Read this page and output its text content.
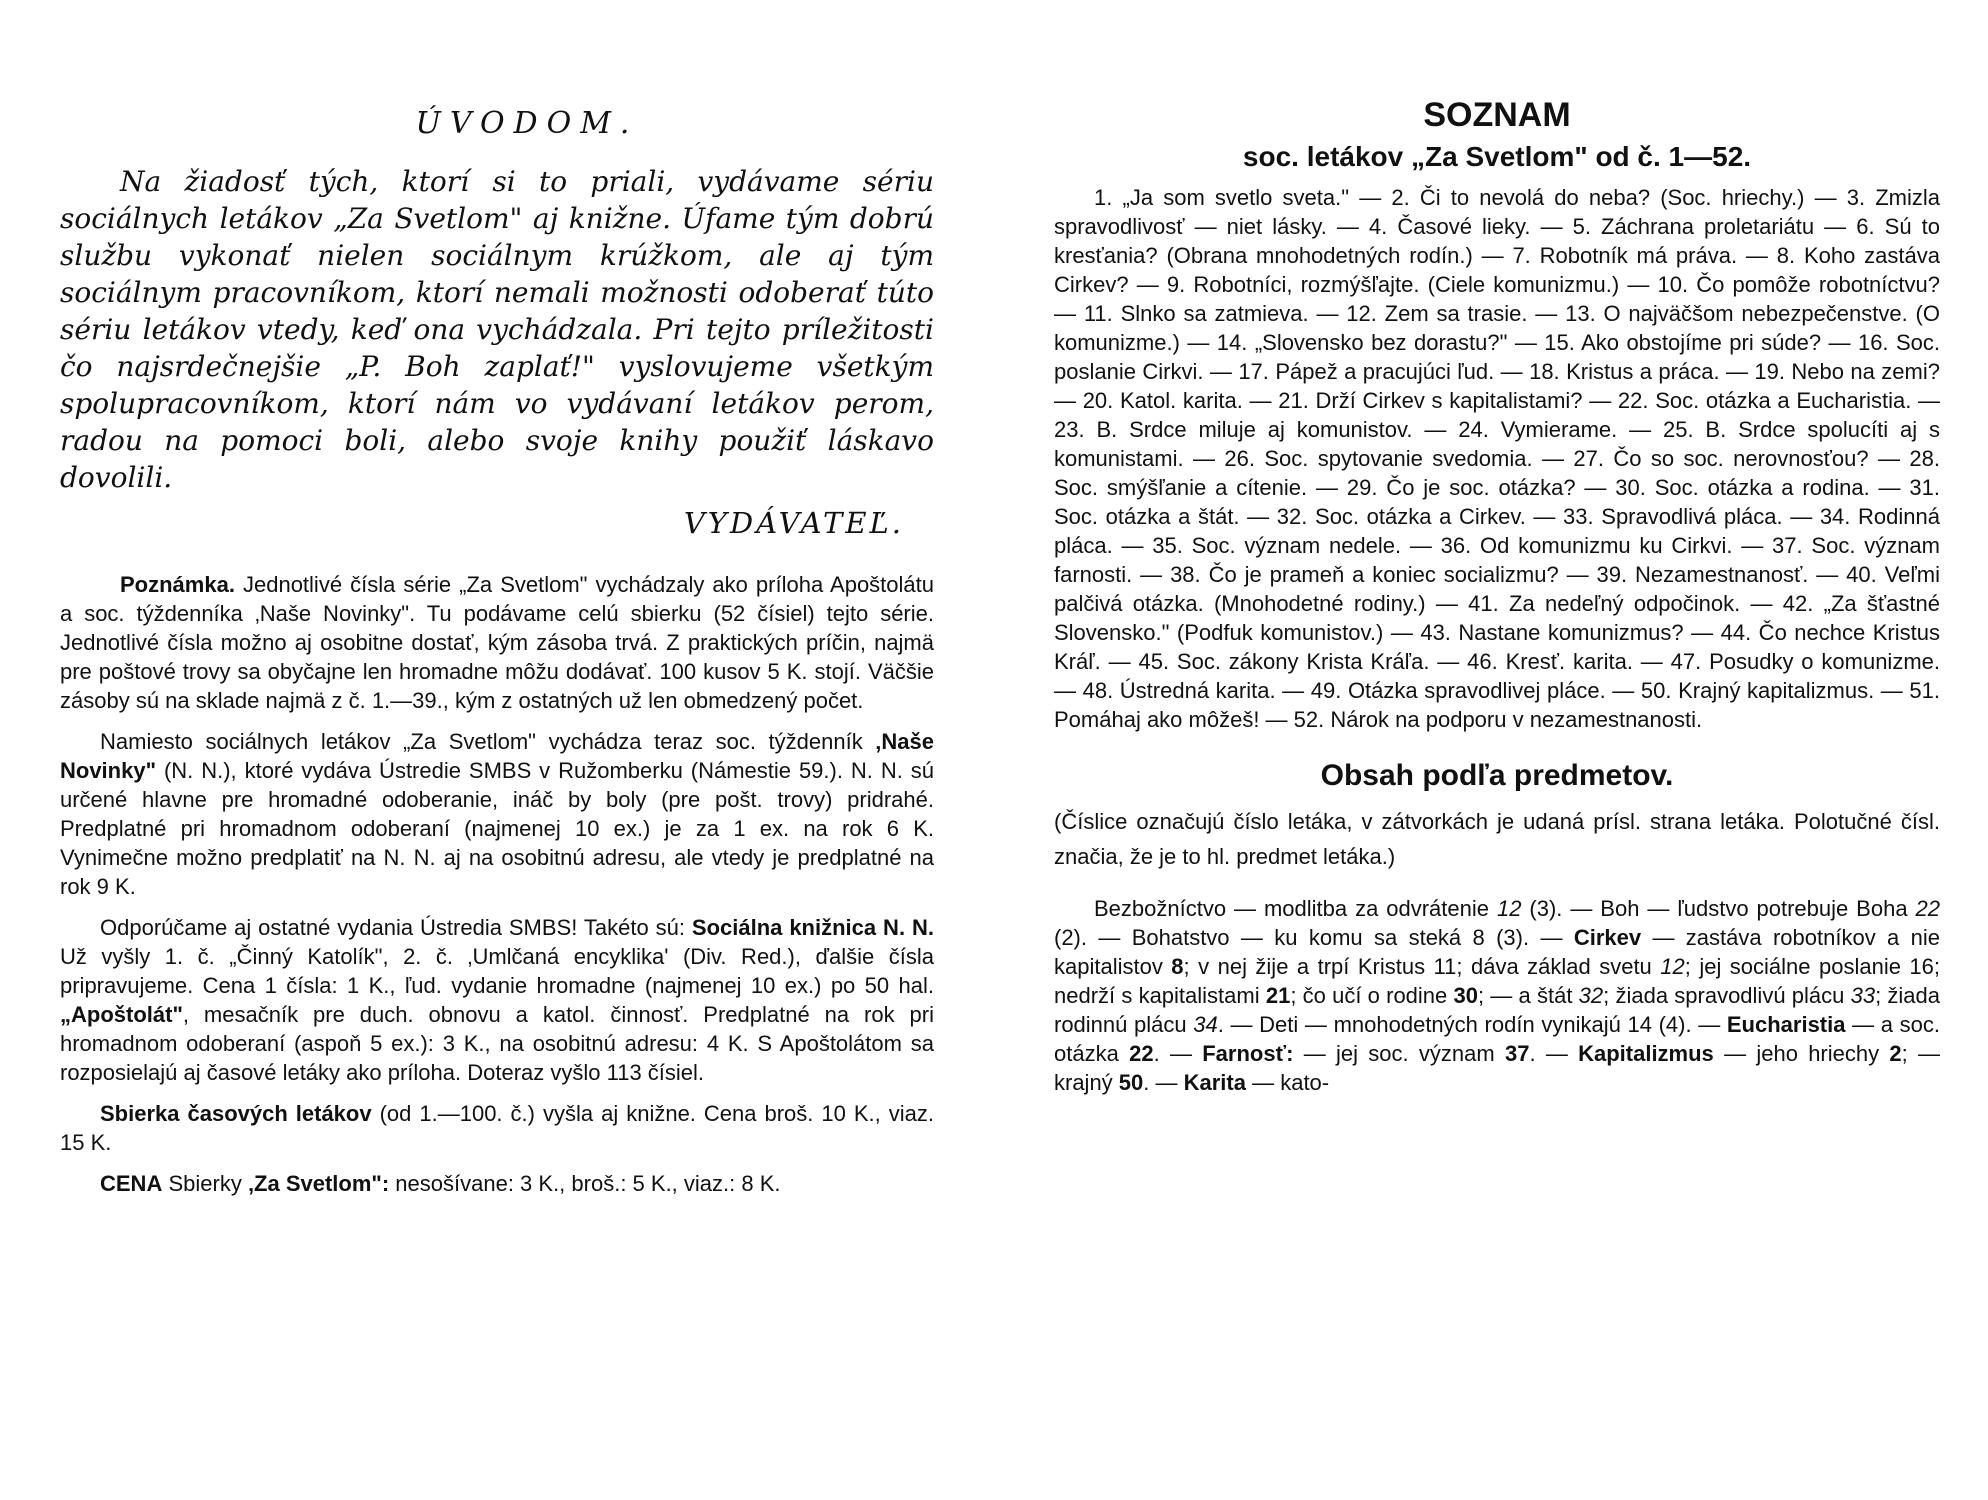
ÚVODOM.

Na žiadosť tých, ktorí si to priali, vydávame sériu sociálnych letákov „Za Svetlom" aj knižne. Úfame tým dobrú službu vykonať nielen sociálnym krúžkom, ale aj tým sociálnym pracovníkom, ktorí nemali možnosti odoberať túto sériu letákov vtedy, keď ona vychádzala. Pri tejto príležitosti čo najsrdečnejšie „P. Boh zaplať!" vyslovujeme všetkým spolupracovníkom, ktorí nám vo vydávaní letákov perom, radou na pomoci boli, alebo svoje knihy použiť láskavo dovolili.

VYDÁVATEĽ.

Poznámka. Jednotlivé čísla série „Za Svetlom" vychádzaly ako príloha Apoštolátu a soc. týždenníka ‚Naše Novinky". Tu podávame celú sbierku (52 čísiel) tejto série. Jednotlivé čísla možno aj osobitne dostať, kým zásoba trvá. Z praktických príčin, najmä pre poštové trovy sa obyčajne len hromadne môžu dodávať. 100 kusov 5 K. stojí. Väčšie zásoby sú na sklade najmä z č. 1.—39., kým z ostatných už len obmedzený počet.

Namiesto sociálnych letákov „Za Svetlom" vychádza teraz soc. týždenník ‚Naše Novinky" (N. N.), ktoré vydáva Ústredie SMBS v Ružomberku (Námestie 59.). N. N. sú určené hlavne pre hromadné odoberanie, ináč by boly (pre pošt. trovy) pridrahé. Predplatné pri hromadnom odoberaní (najmenej 10 ex.) je za 1 ex. na rok 6 K. Vynimečne možno predplatiť na N. N. aj na osobitnú adresu, ale vtedy je predplatné na rok 9 K.

Odporúčame aj ostatné vydania Ústredia SMBS! Takéto sú: Sociálna knižnica N. N. Už vyšly 1. č. „Činný Katolík", 2. č. ‚Umlčaná encyklika' (Div. Red.), ďalšie čísla pripravujeme. Cena 1 čísla: 1 K., ľud. vydanie hromadne (najmenej 10 ex.) po 50 hal. „Apoštolát", mesačník pre duch. obnovu a katol. činnosť. Predplatné na rok pri hromadnom odoberaní (aspoň 5 ex.): 3 K., na osobitnú adresu: 4 K. S Apoštolátom sa rozposielajú aj časové letáky ako príloha. Doteraz vyšlo 113 čísiel.

Sbierka časových letákov (od 1.—100. č.) vyšla aj knižne. Cena broš. 10 K., viaz. 15 K.

CENA Sbierky ‚Za Svetlom": nesošívane: 3 K., broš.: 5 K., viaz.: 8 K.

SOZNAM

soc. letákov „Za Svetlom" od č. 1—52.

1. „Ja som svetlo sveta." — 2. Či to nevolá do neba? (Soc. hriechy.) — 3. Zmizla spravodlivosť — niet lásky. — 4. Časové lieky. — 5. Záchrana proletariátu — 6. Sú to kresťania? (Obrana mnohodetných rodín.) — 7. Robotník má práva. — 8. Koho zastáva Cirkev? — 9. Robotníci, rozmýšľajte. (Ciele komunizmu.) — 10. Čo pomôže robotníctvu? — 11. Slnko sa zatmieva. — 12. Zem sa trasie. — 13. O najväčšom nebezpečenstve. (O komunizme.) — 14. „Slovensko bez dorastu?" — 15. Ako obstojíme pri súde? — 16. Soc. poslanie Cirkvi. — 17. Pápež a pracujúci ľud. — 18. Kristus a práca. — 19. Nebo na zemi? — 20. Katol. karita. — 21. Drží Cirkev s kapitalistami? — 22. Soc. otázka a Eucharistia. — 23. B. Srdce miluje aj komunistov. — 24. Vymierame. — 25. B. Srdce spolucíti aj s komunistami. — 26. Soc. spytovanie svedomia. — 27. Čo so soc. nerovnosťou? — 28. Soc. smýšľanie a cítenie. — 29. Čo je soc. otázka? — 30. Soc. otázka a rodina. — 31. Soc. otázka a štát. — 32. Soc. otázka a Cirkev. — 33. Spravodlivá pláca. — 34. Rodinná pláca. — 35. Soc. význam nedele. — 36. Od komunizmu ku Cirkvi. — 37. Soc. význam farnosti. — 38. Čo je prameň a koniec socializmu? — 39. Nezamestnanosť. — 40. Veľmi palčivá otázka. (Mnohodetné rodiny.) — 41. Za nedeľný odpočinok. — 42. „Za šťastné Slovensko." (Podfuk komunistov.) — 43. Nastane komunizmus? — 44. Čo nechce Kristus Kráľ. — 45. Soc. zákony Krista Kráľa. — 46. Kresť. karita. — 47. Posudky o komunizme. — 48. Ústredná karita. — 49. Otázka spravodlivej pláce. — 50. Krajný kapitalizmus. — 51. Pomáhaj ako môžeš! — 52. Nárok na podporu v nezamestnanosti.

Obsah podľa predmetov.

(Číslice označujú číslo letáka, v zátvorkách je udaná prísl. strana letáka. Polotučné čísl. značia, že je to hl. predmet letáka.)

Bezbožníctvo — modlitba za odvrátenie 12 (3). — Boh — ľudstvo potrebuje Boha 22 (2). — Bohatstvo — ku komu sa steká 8 (3). — Cirkev — zastáva robotníkov a nie kapitalistov 8; v nej žije a trpí Kristus 11; dáva základ svetu 12; jej sociálne poslanie 16; nedrží s kapitalistami 21; čo učí o rodine 30; — a štát 32; žiada spravodlivú plácu 33; žiada rodinnú plácu 34. — Deti — mnohodetných rodín vynikajú 14 (4). — Eucharistia — a soc. otázka 22. — Farnosť: — jej soc. význam 37. — Kapitalizmus — jeho hriechy 2; — krajný 50. — Karita — kato-
